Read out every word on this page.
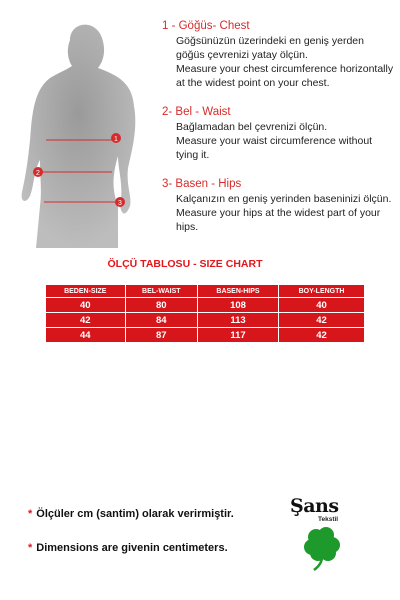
1
2
3
1 - Göğüs- Chest
Göğsünüzün üzerindeki en geniş yerden göğüs çevrenizi yatay ölçün.
Measure your chest circumference horizontally at the widest point on your chest.
2- Bel - Waist
Bağlamadan bel çevrenizi ölçün.
Measure your waist circumference without tying it.
3- Basen - Hips
Kalçanızın en geniş yerinden baseninizi ölçün.
Measure your hips at the widest part of your hips.
ÖLÇÜ TABLOSU - SIZE CHART
BEDEN-SIZE	BEL-WAIST	BASEN-HIPS	BOY-LENGTH
40	80	108	40
42	84	113	42
44	87	117	42
* Ölçüler cm (santim) olarak verirmiştir.
* Dimensions are givenin centimeters.
Şans
Tekstil
